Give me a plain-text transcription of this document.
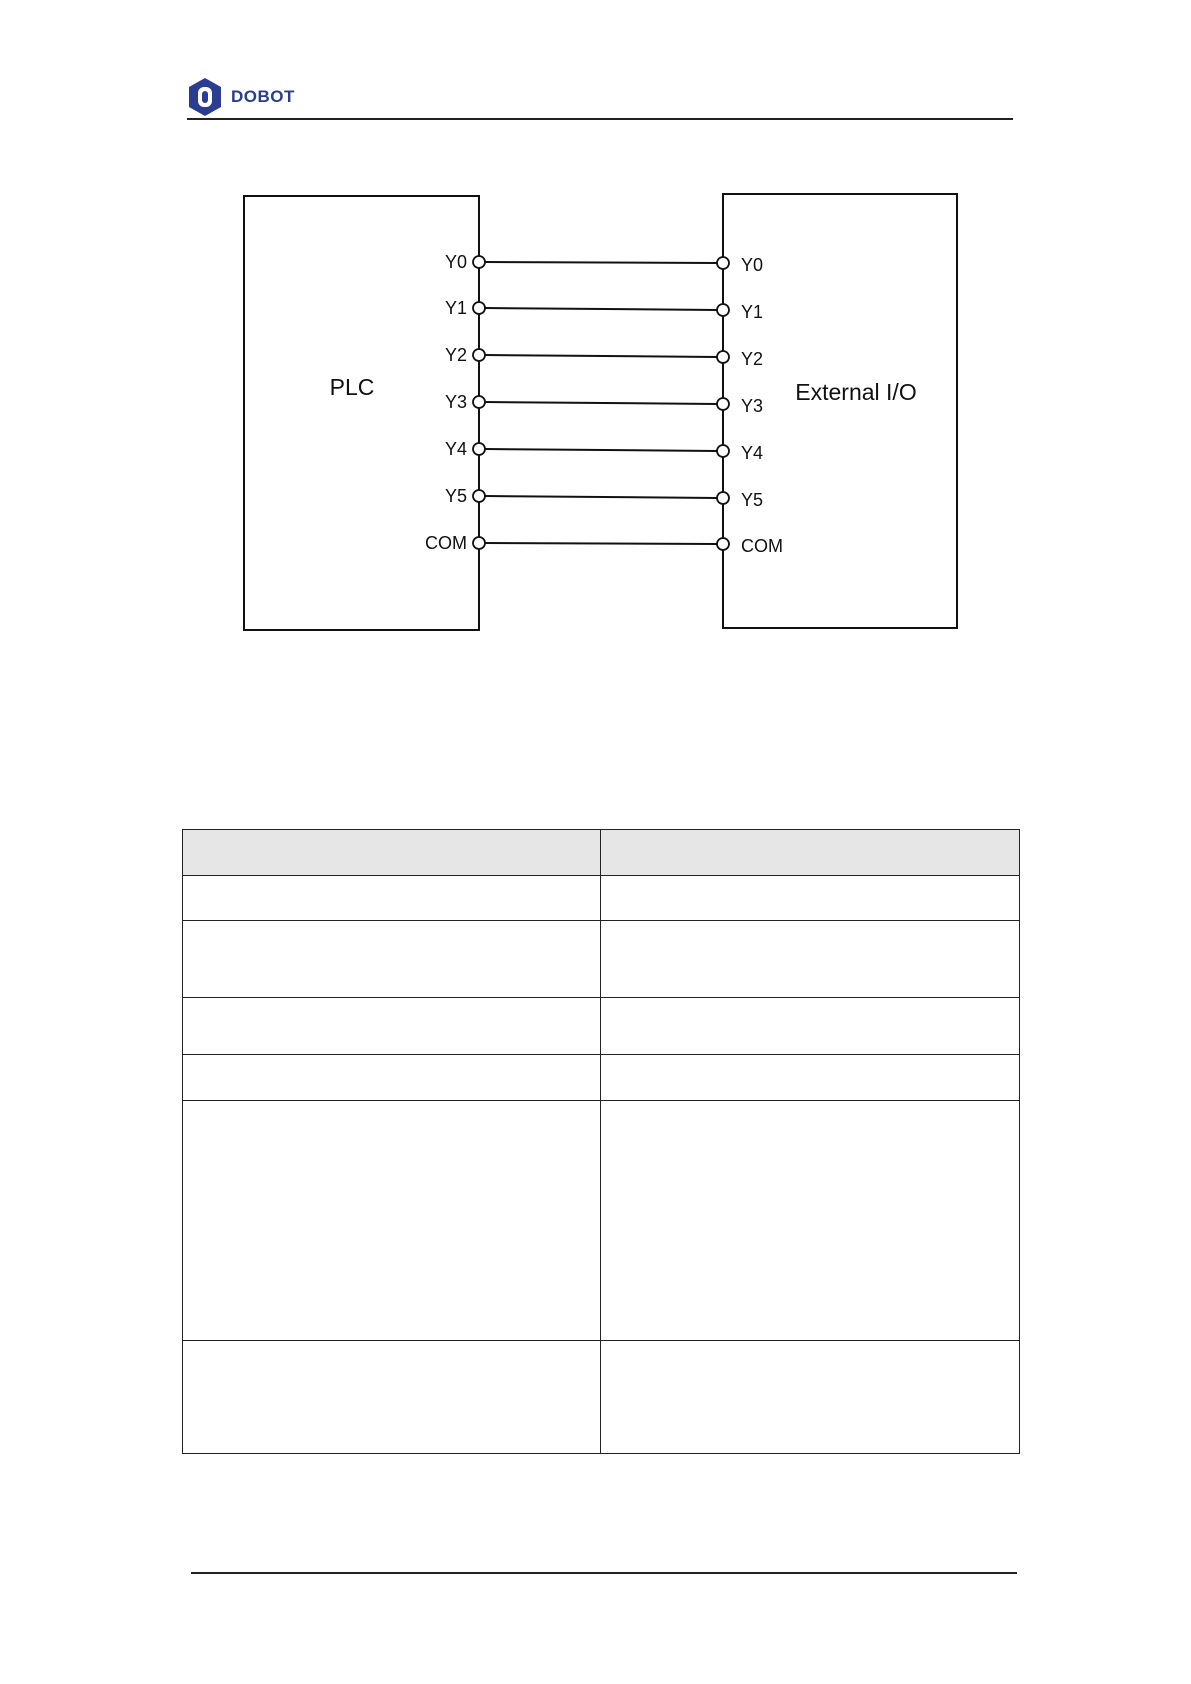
DOBOT
PLC	External I/O
Y0	Y0
Y1	Y1
Y2	Y2
Y3	Y3
Y4	Y4
Y5	Y5
COM	COM
